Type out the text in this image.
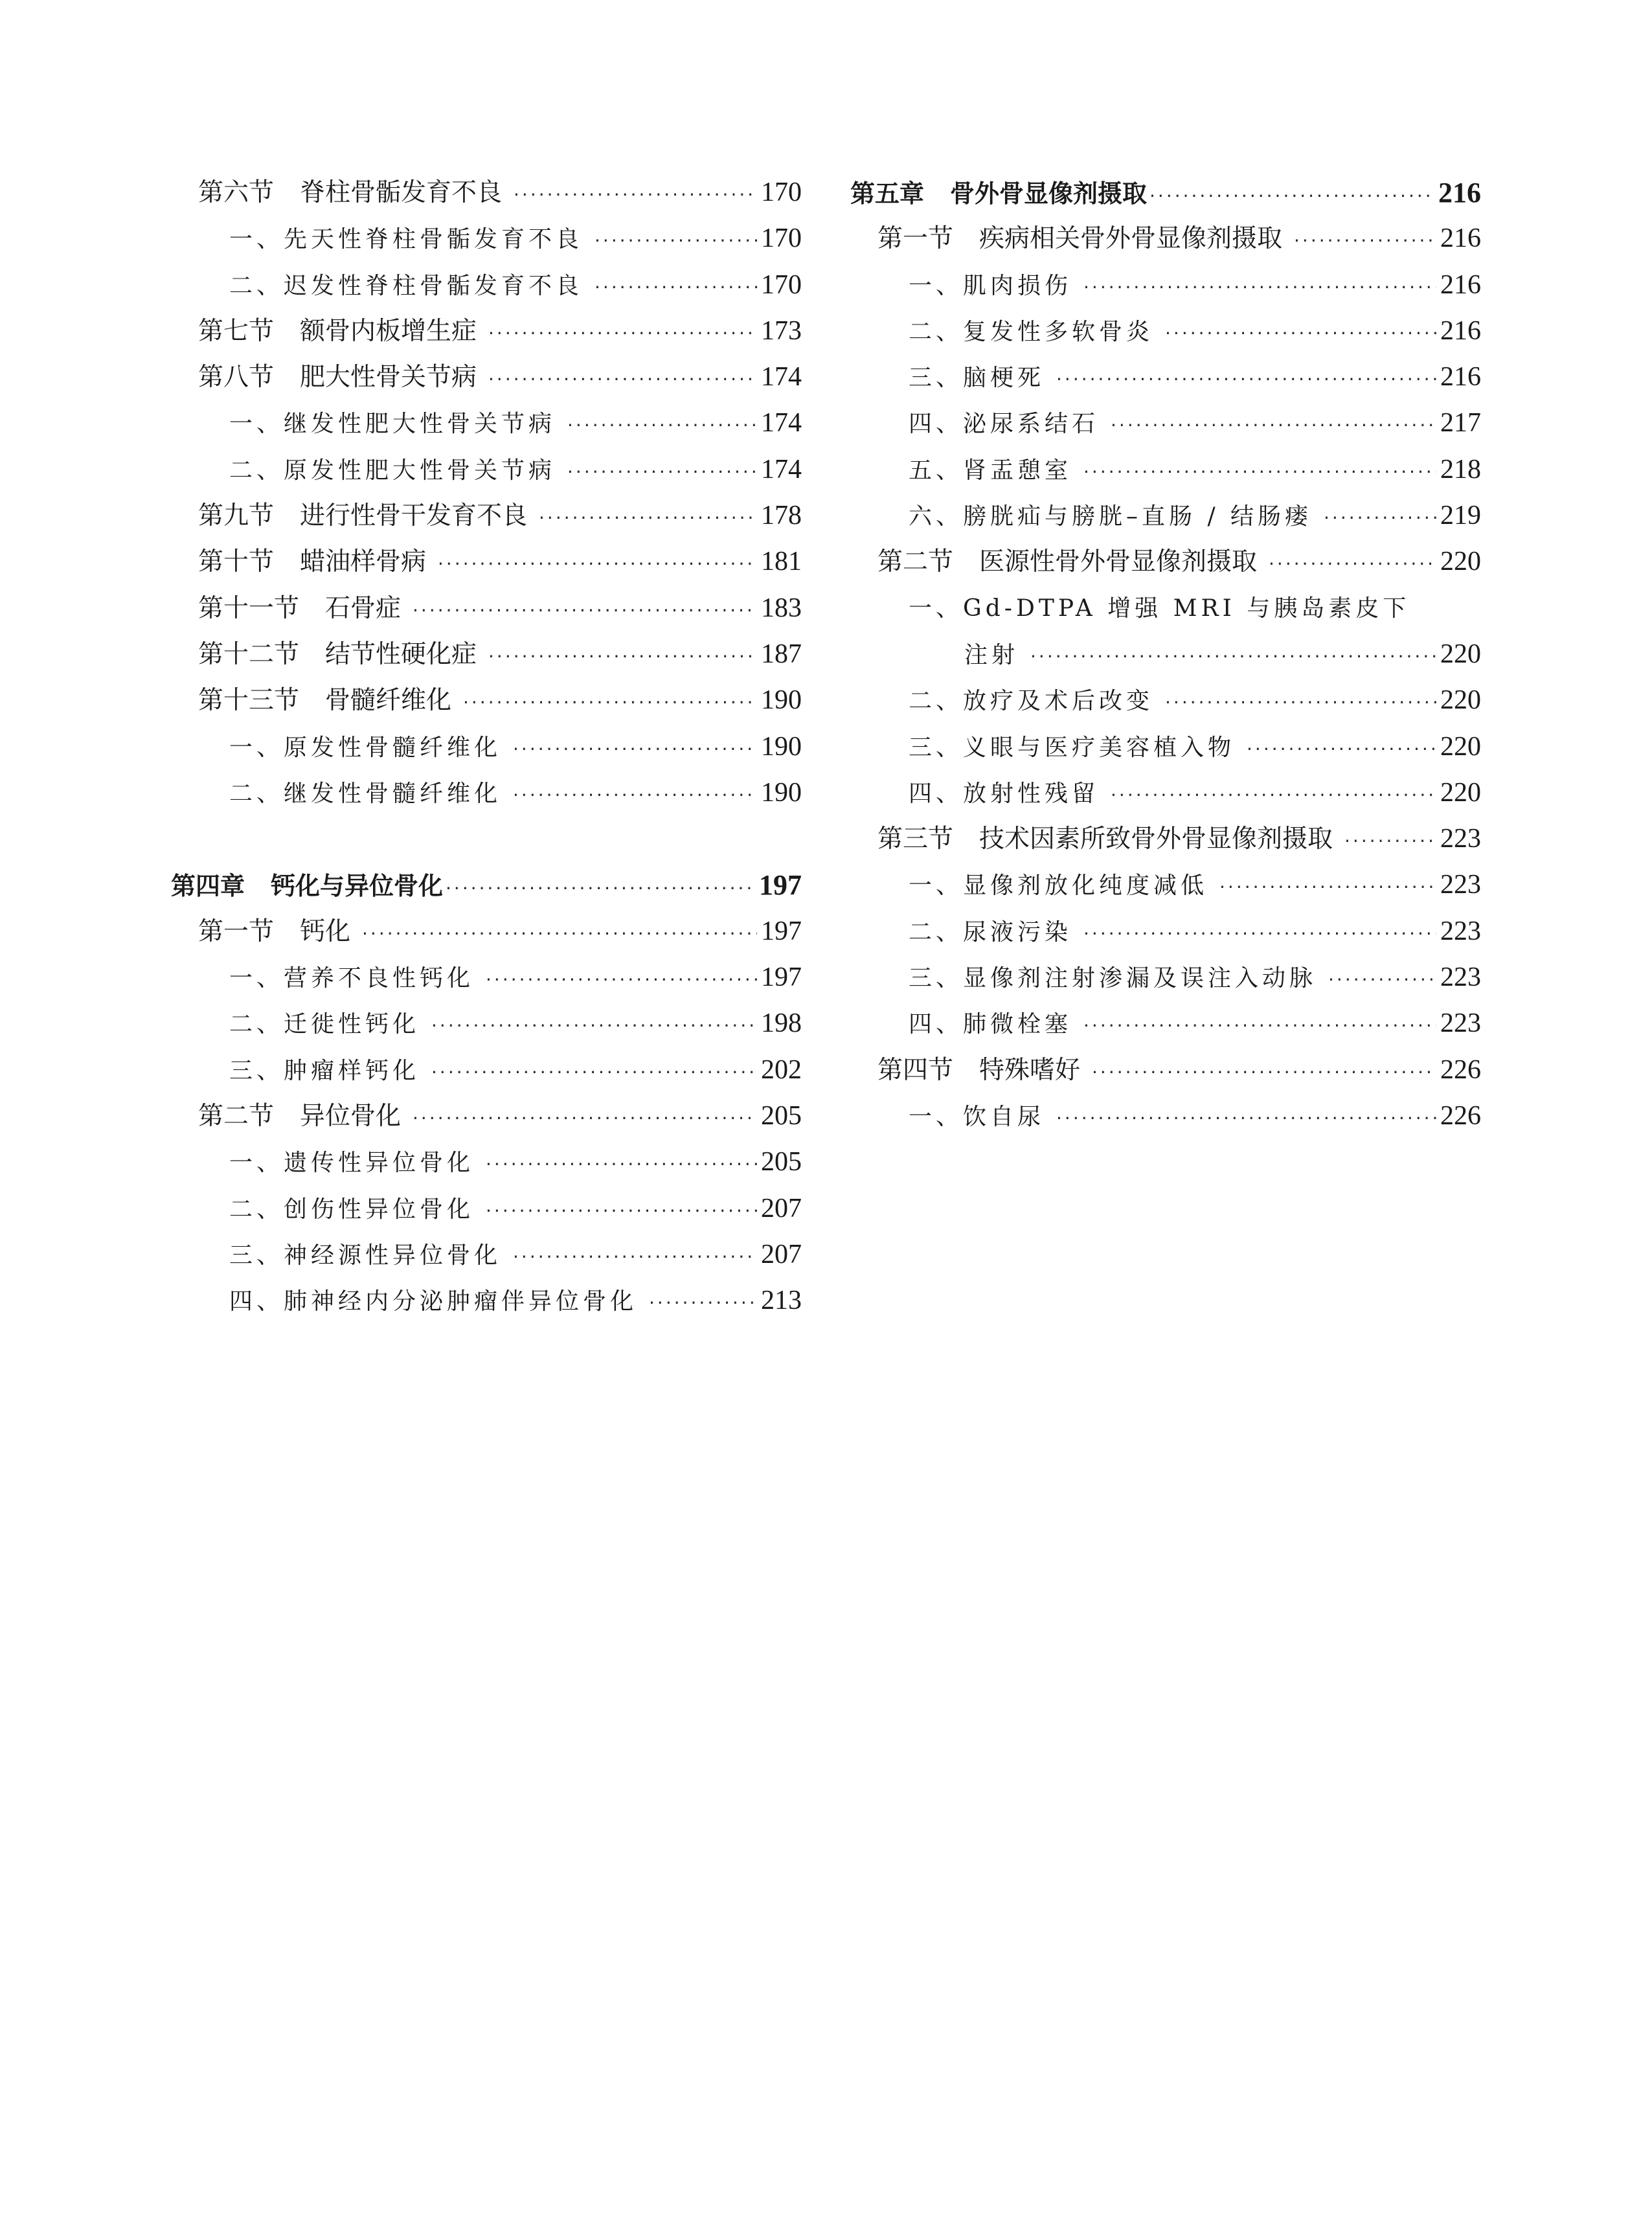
第六节 脊柱骨骺发育不良 ·····	170
一、先天性脊柱骨骺发育不良 ·····	170
二、迟发性脊柱骨骺发育不良 ·····	170
第七节 额骨内板增生症 ·····	173
第八节 肥大性骨关节病 ·····	174
一、继发性肥大性骨关节病 ·····	174
二、原发性肥大性骨关节病 ·····	174
第九节 进行性骨干发育不良 ·····	178
第十节 蜡油样骨病 ·····	181
第十一节 石骨症 ·····	183
第十二节 结节性硬化症 ·····	187
第十三节 骨髓纤维化 ·····	190
一、原发性骨髓纤维化 ·····	190
二、继发性骨髓纤维化 ·····	190
第四章 钙化与异位骨化 ·····	197
第一节 钙化 ·····	197
一、营养不良性钙化 ·····	197
二、迁徙性钙化 ·····	198
三、肿瘤样钙化 ·····	202
第二节 异位骨化 ·····	205
一、遗传性异位骨化 ·····	205
二、创伤性异位骨化 ·····	207
三、神经源性异位骨化 ·····	207
四、肺神经内分泌肿瘤伴异位骨化 ·····	213
第五章 骨外骨显像剂摄取 ·····	216
第一节 疾病相关骨外骨显像剂摄取 ·····	216
一、肌肉损伤 ·····	216
二、复发性多软骨炎 ·····	216
三、脑梗死 ·····	216
四、泌尿系结石 ·····	217
五、肾盂憩室 ·····	218
六、膀胱疝与膀胱–直肠 / 结肠瘘 ·····	219
第二节 医源性骨外骨显像剂摄取 ·····	220
一、Gd-DTPA 增强 MRI 与胰岛素皮下
注射 ·····	220
二、放疗及术后改变 ·····	220
三、义眼与医疗美容植入物 ·····	220
四、放射性残留 ·····	220
第三节 技术因素所致骨外骨显像剂摄取 ·····	223
一、显像剂放化纯度减低 ·····	223
二、尿液污染 ·····	223
三、显像剂注射渗漏及误注入动脉 ·····	223
四、肺微栓塞 ·····	223
第四节 特殊嗜好 ·····	226
一、饮自尿 ·····	226
